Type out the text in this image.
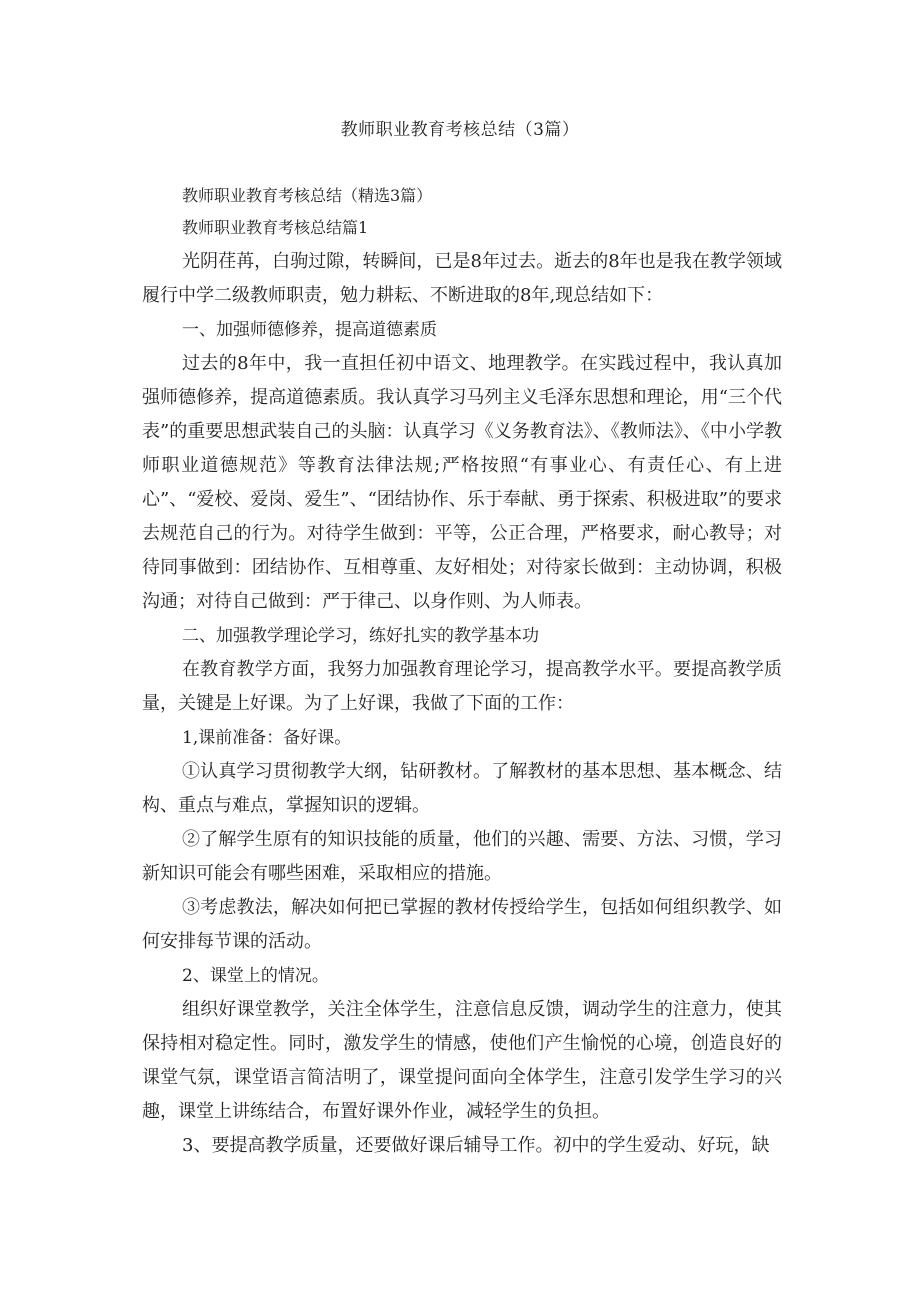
教师职业教育考核总结（3篇）

教师职业教育考核总结（精选3篇）

教师职业教育考核总结篇1

光阴荏苒，白驹过隙，转瞬间，已是8年过去。逝去的8年也是我在教学领域履行中学二级教师职责，勉力耕耘、不断进取的8年,现总结如下：

一、加强师德修养，提高道德素质

过去的8年中，我一直担任初中语文、地理教学。在实践过程中，我认真加强师德修养，提高道德素质。我认真学习马列主义毛泽东思想和理论，用“三个代表”的重要思想武装自己的头脑：认真学习《义务教育法》、《教师法》、《中小学教师职业道德规范》等教育法律法规;严格按照“有事业心、有责任心、有上进心”、“爱校、爱岗、爱生”、“团结协作、乐于奉献、勇于探索、积极进取”的要求去规范自己的行为。对待学生做到：平等，公正合理，严格要求，耐心教导；对待同事做到：团结协作、互相尊重、友好相处；对待家长做到：主动协调，积极沟通；对待自己做到：严于律己、以身作则、为人师表。

二、加强教学理论学习，练好扎实的教学基本功

在教育教学方面，我努力加强教育理论学习，提高教学水平。要提高教学质量，关键是上好课。为了上好课，我做了下面的工作：

1,课前准备：备好课。

①认真学习贯彻教学大纲，钻研教材。了解教材的基本思想、基本概念、结构、重点与难点，掌握知识的逻辑。

②了解学生原有的知识技能的质量，他们的兴趣、需要、方法、习惯，学习新知识可能会有哪些困难，采取相应的措施。

③考虑教法，解决如何把已掌握的教材传授给学生，包括如何组织教学、如何安排每节课的活动。

2、课堂上的情况。

组织好课堂教学，关注全体学生，注意信息反馈，调动学生的注意力，使其保持相对稳定性。同时，激发学生的情感，使他们产生愉悦的心境，创造良好的课堂气氛，课堂语言简洁明了，课堂提问面向全体学生，注意引发学生学习的兴趣，课堂上讲练结合，布置好课外作业，减轻学生的负担。

3、要提高教学质量，还要做好课后辅导工作。初中的学生爱动、好玩，缺
